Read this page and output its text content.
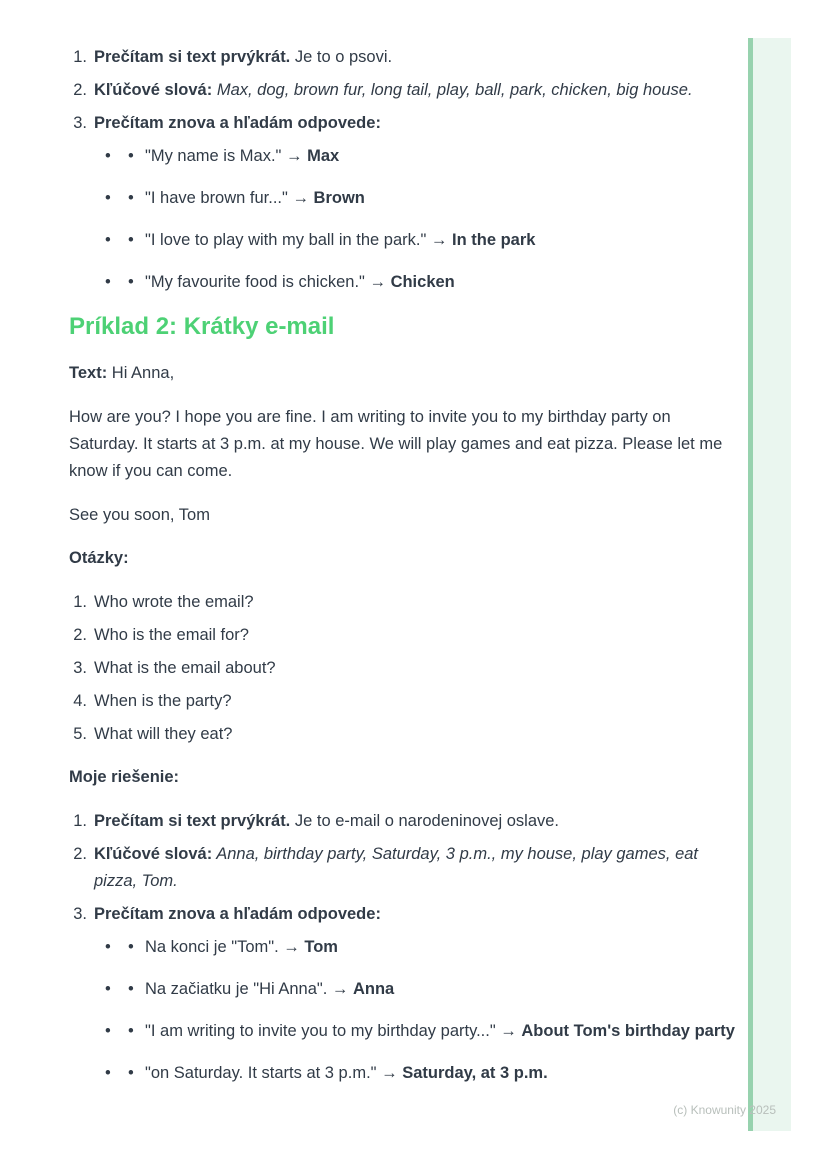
1. Prečítam si text prvýkrát. Je to o psovi.
2. Kľúčové slová: Max, dog, brown fur, long tail, play, ball, park, chicken, big house.
3. Prečítam znova a hľadám odpovede:
•	• "My name is Max." → Max
•	• "I have brown fur..." → Brown
•	• "I love to play with my ball in the park." → In the park
•	• "My favourite food is chicken." → Chicken
Príklad 2: Krátky e-mail

Text: Hi Anna,

How are you? I hope you are fine. I am writing to invite you to my birthday party on Saturday. It starts at 3 p.m. at my house. We will play games and eat pizza. Please let me know if you can come.

See you soon, Tom

Otázky:

1. Who wrote the email?
2. Who is the email for?
3. What is the email about?
4. When is the party?
5. What will they eat?

Moje riešenie:

1. Prečítam si text prvýkrát. Je to e-mail o narodeninovej oslave.
2. Kľúčové slová: Anna, birthday party, Saturday, 3 p.m., my house, play games, eat pizza, Tom.
3. Prečítam znova a hľadám odpovede:
•	• Na konci je "Tom". → Tom
•	• Na začiatku je "Hi Anna". → Anna
•	• "I am writing to invite you to my birthday party..." → About Tom's birthday party
•	• "on Saturday. It starts at 3 p.m." → Saturday, at 3 p.m.
(c) Knowunity 2025
